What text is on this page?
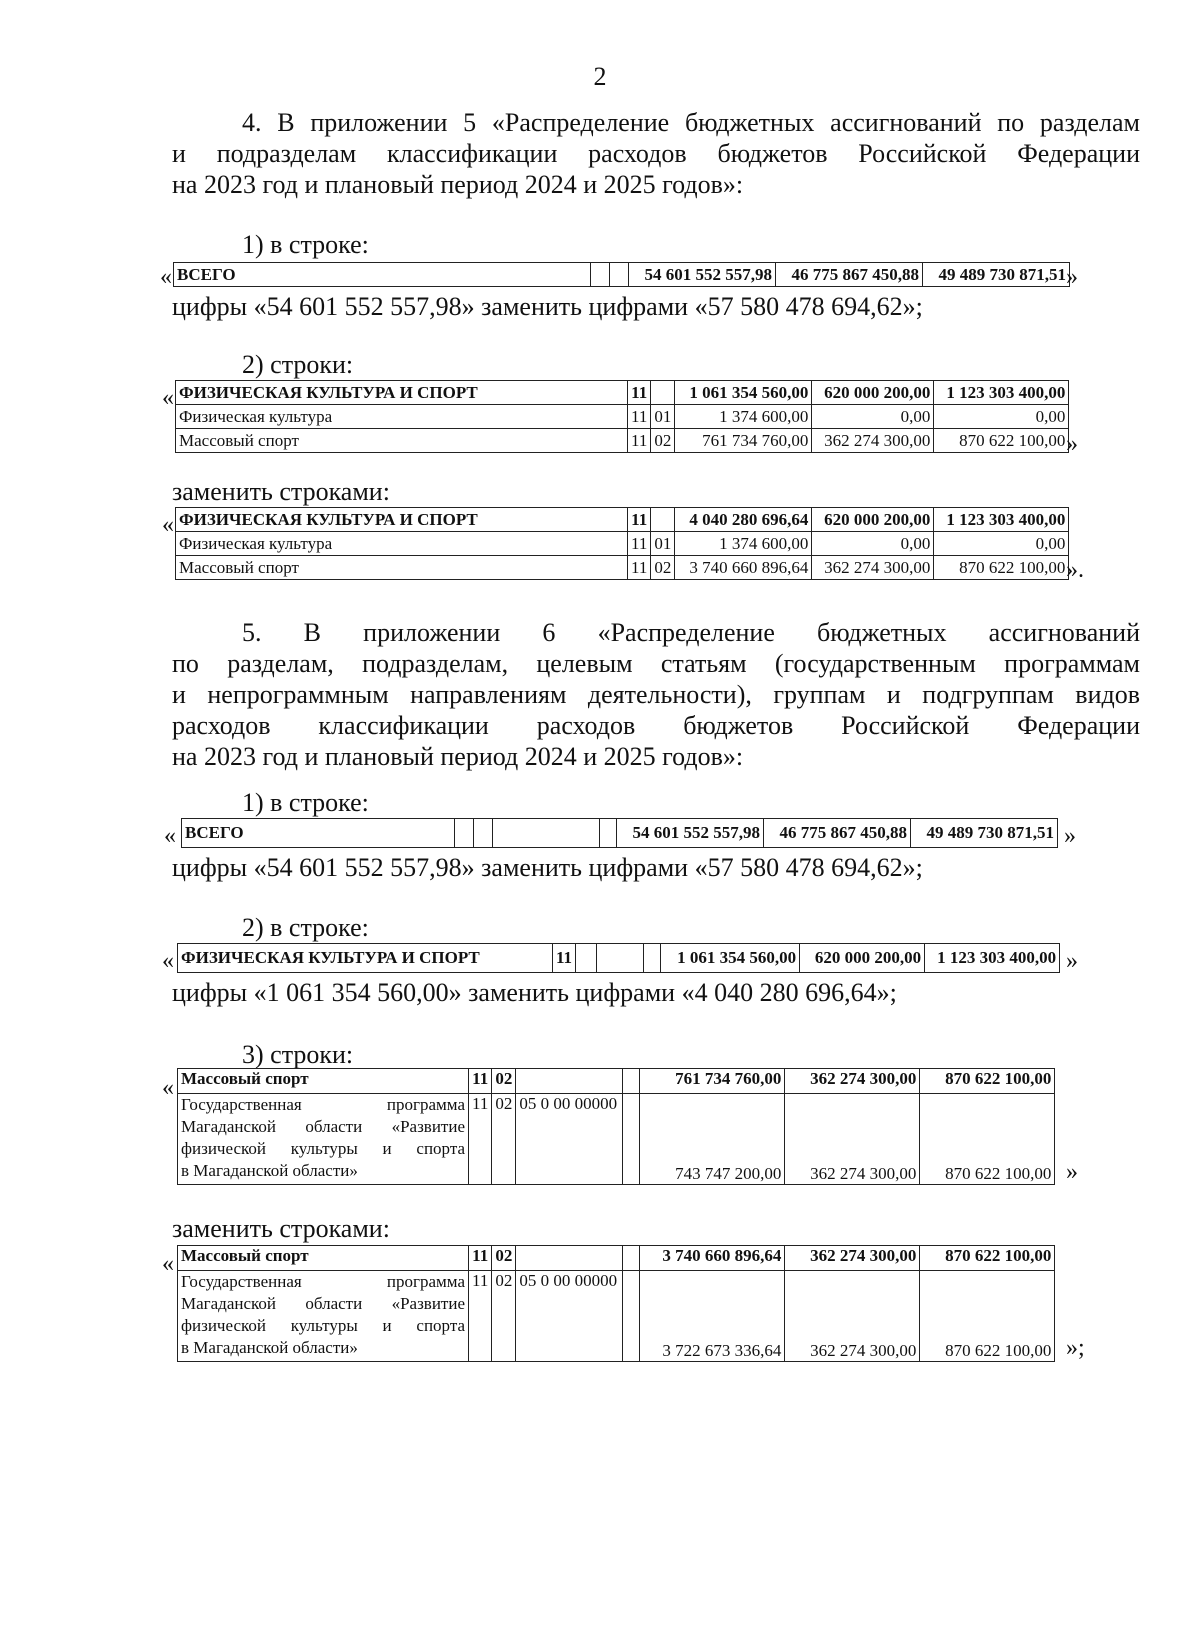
2
4. В приложении 5 «Распределение бюджетных ассигнований по разделам
и подразделам классификации расходов бюджетов Российской Федерации
на 2023 год и плановый период 2024 и 2025 годов»:
1) в строке:
« ВСЕГО			54 601 552 557,98	46 775 867 450,88	49 489 730 871,51 »
цифры «54 601 552 557,98» заменить цифрами «57 580 478 694,62»;
2) строки:
« ФИЗИЧЕСКАЯ КУЛЬТУРА И СПОРТ	11		1 061 354 560,00	620 000 200,00	1 123 303 400,00
Физическая культура	11	01	1 374 600,00	0,00	0,00
Массовый спорт	11	02	761 734 760,00	362 274 300,00	870 622 100,00 »
заменить строками:
« ФИЗИЧЕСКАЯ КУЛЬТУРА И СПОРТ	11		4 040 280 696,64	620 000 200,00	1 123 303 400,00
Физическая культура	11	01	1 374 600,00	0,00	0,00
Массовый спорт	11	02	3 740 660 896,64	362 274 300,00	870 622 100,00 ».
5. В приложении 6 «Распределение бюджетных ассигнований
по разделам, подразделам, целевым статьям (государственным программам
и непрограммным направлениям деятельности), группам и подгруппам видов
расходов классификации расходов бюджетов Российской Федерации
на 2023 год и плановый период 2024 и 2025 годов»:
1) в строке:
« ВСЕГО					54 601 552 557,98	46 775 867 450,88	49 489 730 871,51 »
цифры «54 601 552 557,98» заменить цифрами «57 580 478 694,62»;
2) в строке:
« ФИЗИЧЕСКАЯ КУЛЬТУРА И СПОРТ	11				1 061 354 560,00	620 000 200,00	1 123 303 400,00 »
цифры «1 061 354 560,00» заменить цифрами «4 040 280 696,64»;
3) строки:
« Массовый спорт	11	02			761 734 760,00	362 274 300,00	870 622 100,00

Государственная программа
Магаданской области «Развитие
физической культуры и спорта
в Магаданской области»	11	02	05 0 00 00000		743 747 200,00	362 274 300,00	870 622 100,00 »
заменить строками:
« Массовый спорт	11	02			3 740 660 896,64	362 274 300,00	870 622 100,00

Государственная программа
Магаданской области «Развитие
физической культуры и спорта
в Магаданской области»	11	02	05 0 00 00000		3 722 673 336,64	362 274 300,00	870 622 100,00 »;
